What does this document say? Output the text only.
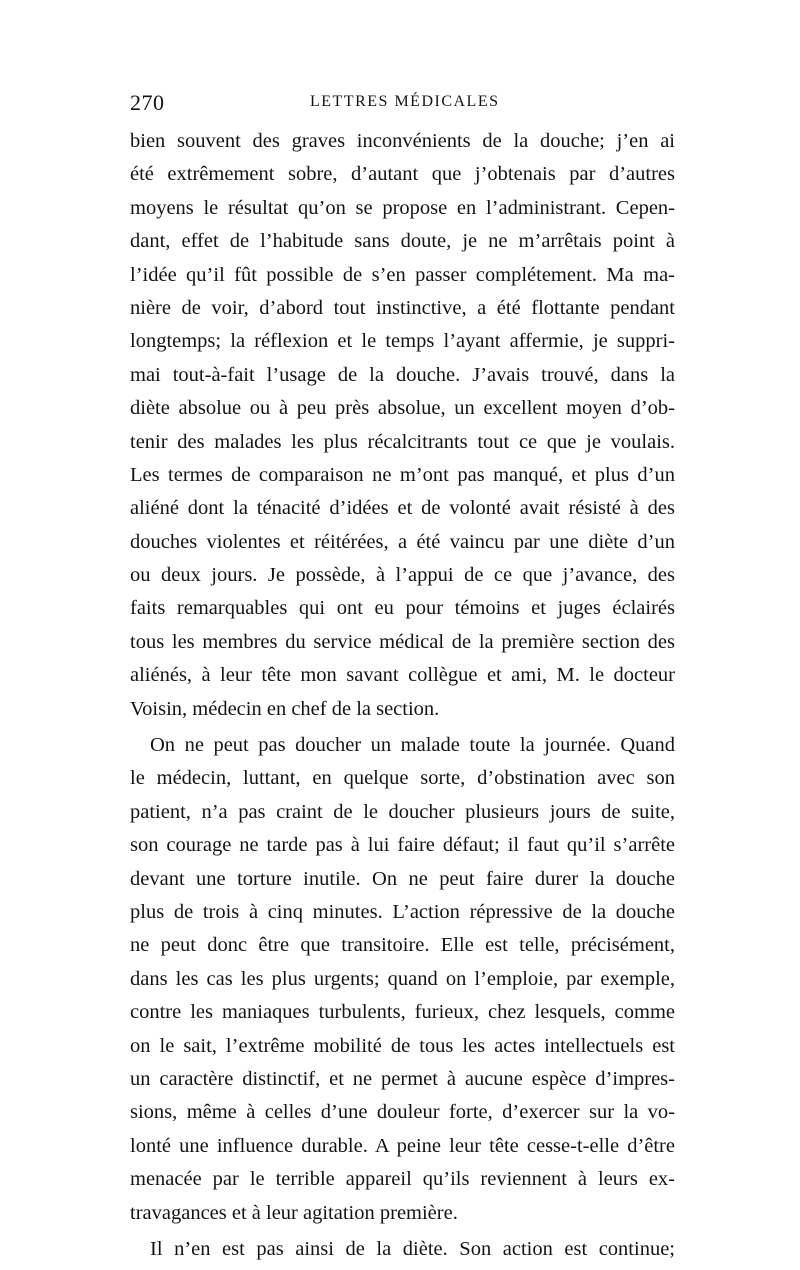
270	LETTRES MÉDICALES
bien souvent des graves inconvénients de la douche; j’en ai
été extrêmement sobre, d’autant que j’obtenais par d’autres
moyens le résultat qu’on se propose en l’administrant. Cepen-
dant, effet de l’habitude sans doute, je ne m’arrêtais point à
l’idée qu’il fût possible de s’en passer complétement. Ma ma-
nière de voir, d’abord tout instinctive, a été flottante pendant
longtemps; la réflexion et le temps l’ayant affermie, je suppri-
mai tout-à-fait l’usage de la douche. J’avais trouvé, dans la
diète absolue ou à peu près absolue, un excellent moyen d’ob-
tenir des malades les plus récalcitrants tout ce que je voulais.
Les termes de comparaison ne m’ont pas manqué, et plus d’un
aliéné dont la ténacité d’idées et de volonté avait résisté à des
douches violentes et réitérées, a été vaincu par une diète d’un
ou deux jours. Je possède, à l’appui de ce que j’avance, des
faits remarquables qui ont eu pour témoins et juges éclairés
tous les membres du service médical de la première section des
aliénés, à leur tête mon savant collègue et ami, M. le docteur
Voisin, médecin en chef de la section.
On ne peut pas doucher un malade toute la journée. Quand
le médecin, luttant, en quelque sorte, d’obstination avec son
patient, n’a pas craint de le doucher plusieurs jours de suite,
son courage ne tarde pas à lui faire défaut; il faut qu’il s’arrête
devant une torture inutile. On ne peut faire durer la douche
plus de trois à cinq minutes. L’action répressive de la douche
ne peut donc être que transitoire. Elle est telle, précisément,
dans les cas les plus urgents; quand on l’emploie, par exemple,
contre les maniaques turbulents, furieux, chez lesquels, comme
on le sait, l’extrême mobilité de tous les actes intellectuels est
un caractère distinctif, et ne permet à aucune espèce d’impres-
sions, même à celles d’une douleur forte, d’exercer sur la vo-
lonté une influence durable. A peine leur tête cesse-t-elle d’être
menacée par le terrible appareil qu’ils reviennent à leurs ex-
travagances et à leur agitation première.
Il n’en est pas ainsi de la diète. Son action est continue;
